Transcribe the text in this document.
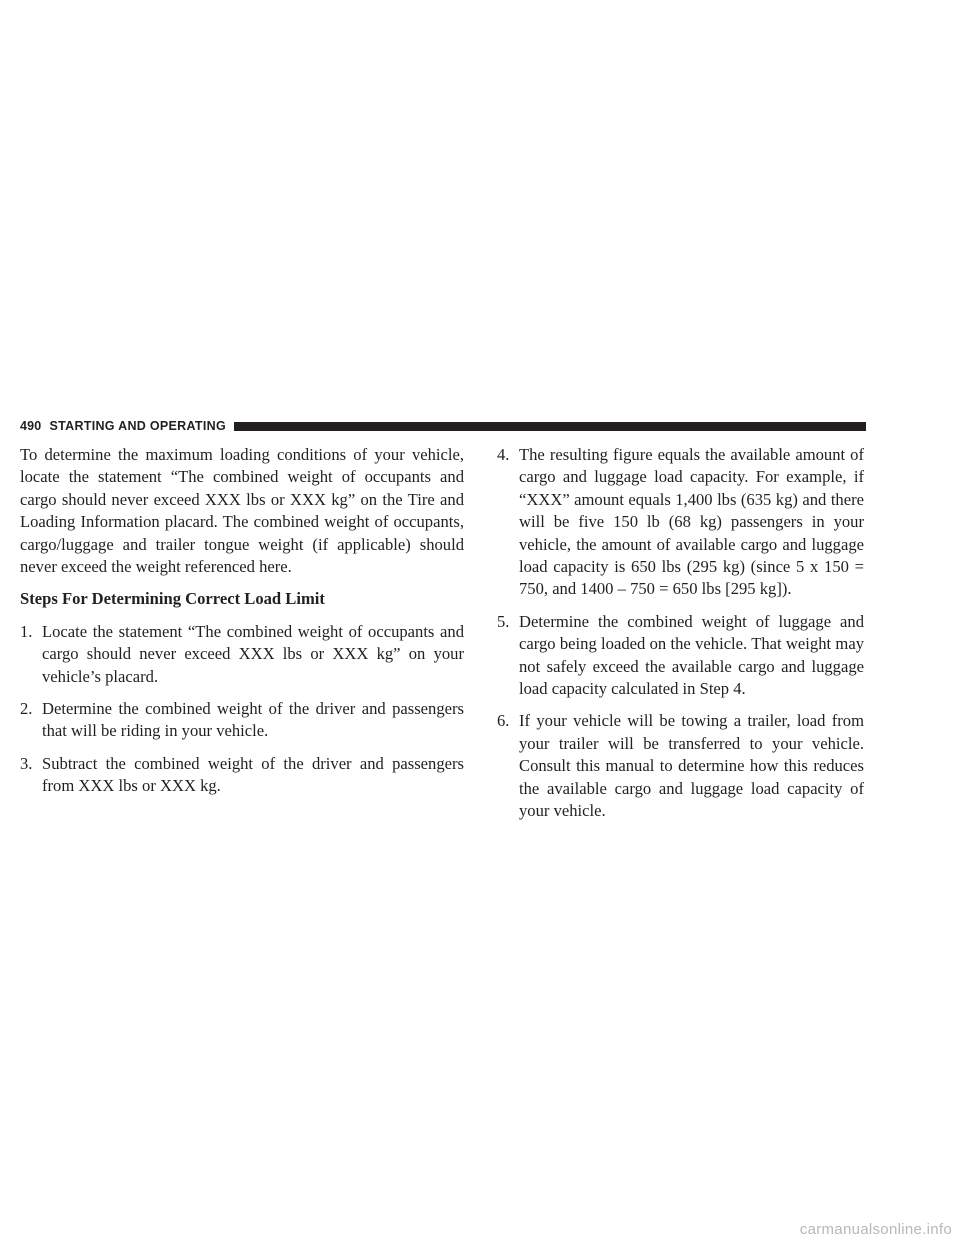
490 STARTING AND OPERATING

To determine the maximum loading conditions of your vehicle, locate the statement “The combined weight of occupants and cargo should never exceed XXX lbs or XXX kg” on the Tire and Loading Information placard. The combined weight of occupants, cargo/luggage and trailer tongue weight (if applicable) should never exceed the weight referenced here.

Steps For Determining Correct Load Limit

1. Locate the statement “The combined weight of occupants and cargo should never exceed XXX lbs or XXX kg” on your vehicle’s placard.
2. Determine the combined weight of the driver and passengers that will be riding in your vehicle.
3. Subtract the combined weight of the driver and passengers from XXX lbs or XXX kg.
4. The resulting figure equals the available amount of cargo and luggage load capacity. For example, if “XXX” amount equals 1,400 lbs (635 kg) and there will be five 150 lb (68 kg) passengers in your vehicle, the amount of available cargo and luggage load capacity is 650 lbs (295 kg) (since 5 x 150 = 750, and 1400 – 750 = 650 lbs [295 kg]).
5. Determine the combined weight of luggage and cargo being loaded on the vehicle. That weight may not safely exceed the available cargo and luggage load capacity calculated in Step 4.
6. If your vehicle will be towing a trailer, load from your trailer will be transferred to your vehicle. Consult this manual to determine how this reduces the available cargo and luggage load capacity of your vehicle.
carmanualsonline.info
